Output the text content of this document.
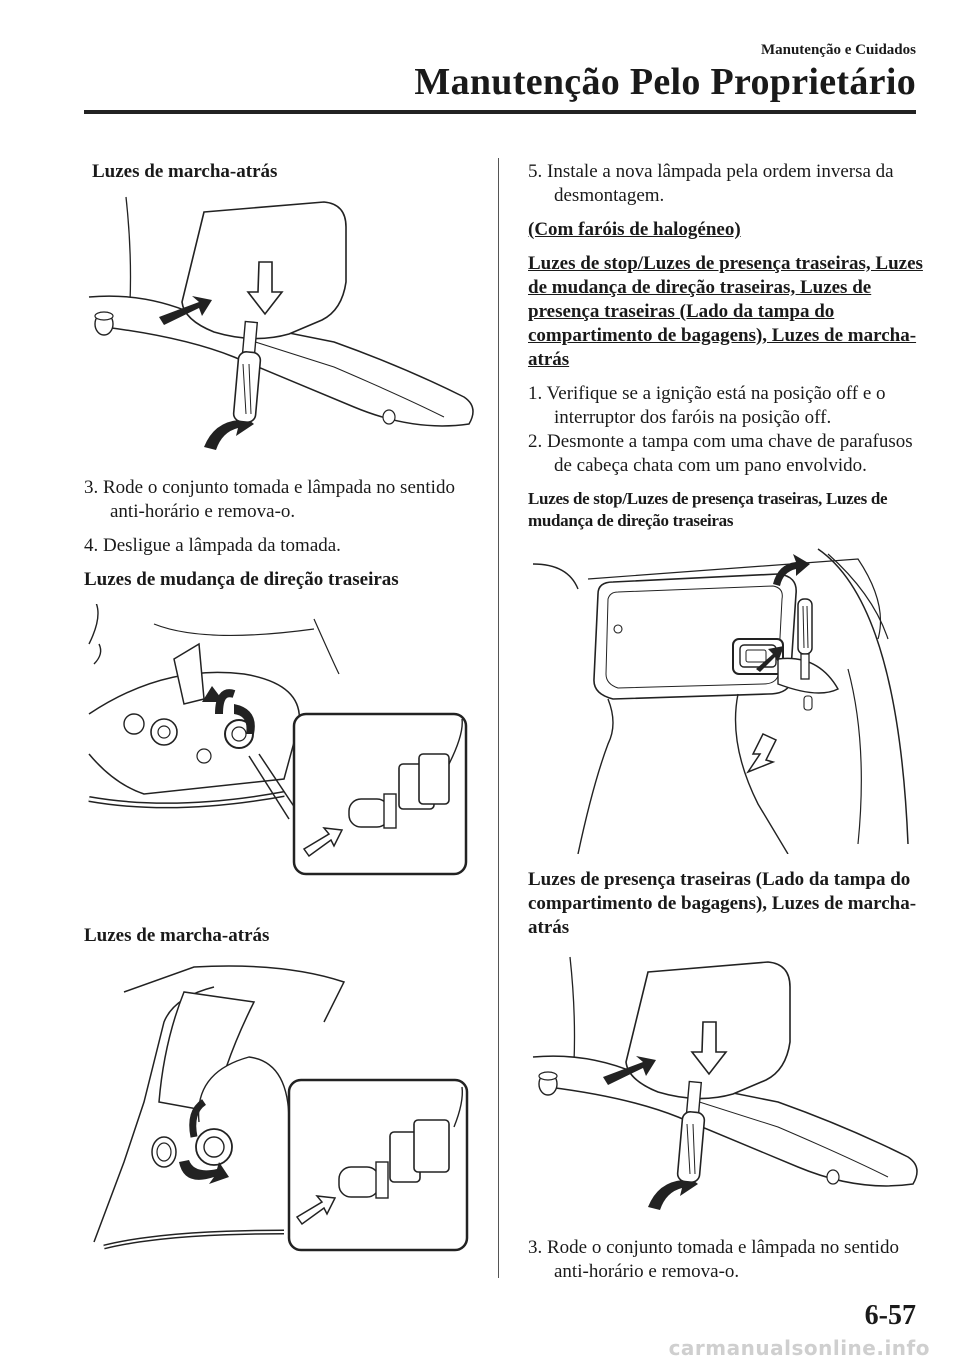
Manutenção e Cuidados
Manutenção Pelo Proprietário
Luzes de marcha-atrás
3. Rode o conjunto tomada e lâmpada no sentido anti-horário e remova-o.
4. Desligue a lâmpada da tomada.
Luzes de mudança de direção traseiras
Luzes de marcha-atrás
5. Instale a nova lâmpada pela ordem inversa da desmontagem.
(Com faróis de halogéneo)
Luzes de stop/Luzes de presença traseiras, Luzes de mudança de direção traseiras, Luzes de presença traseiras (Lado da tampa do compartimento de bagagens), Luzes de marcha-atrás
1. Verifique se a ignição está na posição off e o interruptor dos faróis na posição off.
2. Desmonte a tampa com uma chave de parafusos de cabeça chata com um pano envolvido.
Luzes de stop/Luzes de presença traseiras, Luzes de mudança de direção traseiras
Luzes de presença traseiras (Lado da tampa do compartimento de bagagens), Luzes de marcha-atrás
3. Rode o conjunto tomada e lâmpada no sentido anti-horário e remova-o.
6-57
carmanualsonline.info
